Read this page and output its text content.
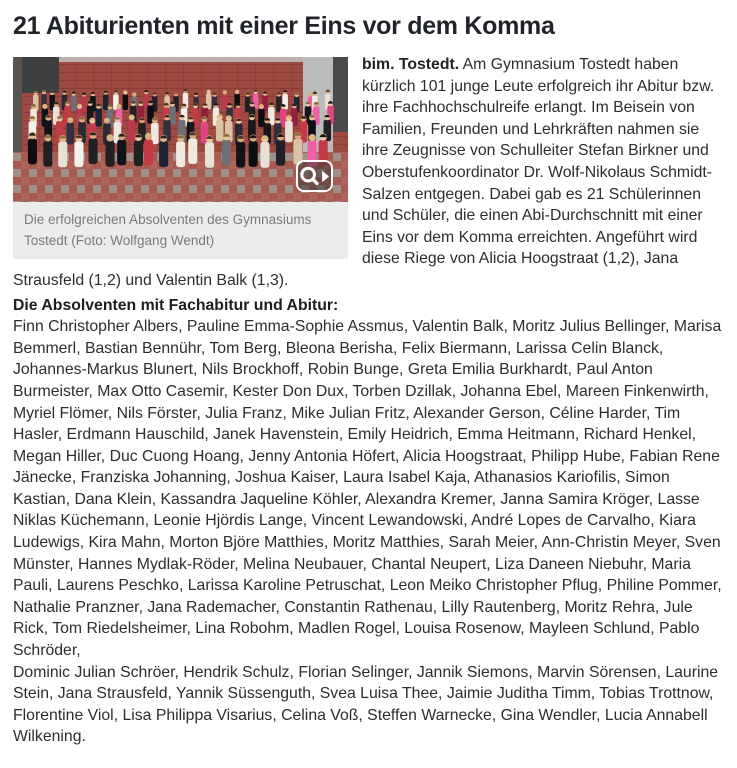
21 Abiturienten mit einer Eins vor dem Komma
Die erfolgreichen Absolventen des Gymnasiums Tostedt (Foto: Wolfgang Wendt)

bim. Tostedt. Am Gymnasium Tostedt haben kürzlich 101 junge Leute erfolgreich ihr Abitur bzw. ihre Fachhochschulreife erlangt. Im Beisein von Familien, Freunden und Lehrkräften nahmen sie ihre Zeugnisse von Schulleiter Stefan Birkner und Oberstufenkoordinator Dr. Wolf-Nikolaus Schmidt-Salzen entgegen. Dabei gab es 21 Schülerinnen und Schüler, die einen Abi-Durchschnitt mit einer Eins vor dem Komma erreichten. Angeführt wird diese Riege von Alicia Hoogstraat (1,2), Jana Strausfeld (1,2) und Valentin Balk (1,3).

Die Absolventen mit Fachabitur und Abitur:

Finn Christopher Albers, Pauline Emma-Sophie Assmus, Valentin Balk, Moritz Julius Bellinger, Marisa Bemmerl, Bastian Bennühr, Tom Berg, Bleona Berisha, Felix Biermann, Larissa Celin Blanck, Johannes-Markus Blunert, Nils Brockhoff, Robin Bunge, Greta Emilia Burkhardt, Paul Anton Burmeister, Max Otto Casemir, Kester Don Dux, Torben Dzillak, Johanna Ebel, Mareen Finkenwirth, Myriel Flömer, Nils Förster, Julia Franz, Mike Julian Fritz, Alexander Gerson, Céline Harder, Tim Hasler, Erdmann Hauschild, Janek Havenstein, Emily Heidrich, Emma Heitmann, Richard Henkel, Megan Hiller, Duc Cuong Hoang, Jenny Antonia Höfert, Alicia Hoogstraat, Philipp Hube, Fabian Rene Jänecke, Franziska Johanning, Joshua Kaiser, Laura Isabel Kaja, Athanasios Kariofilis, Simon Kastian, Dana Klein, Kassandra Jaqueline Köhler, Alexandra Kremer, Janna Samira Kröger, Lasse Niklas Küchemann, Leonie Hjördis Lange, Vincent Lewandowski, André Lopes de Carvalho, Kiara Ludewigs, Kira Mahn, Morton Björe Matthies, Moritz Matthies, Sarah Meier, Ann-Christin Meyer, Sven Münster, Hannes Mydlak-Röder, Melina Neubauer, Chantal Neupert, Liza Daneen Niebuhr, Maria Pauli, Laurens Peschko, Larissa Karoline Petruschat, Leon Meiko Christopher Pflug, Philine Pommer, Nathalie Pranzner, Jana Rademacher, Constantin Rathenau, Lilly Rautenberg, Moritz Rehra, Jule Rick, Tom Riedelsheimer, Lina Robohm, Madlen Rogel, Louisa Rosenow, Mayleen Schlund, Pablo Schröder,
Dominic Julian Schröer, Hendrik Schulz, Florian Selinger, Jannik Siemons, Marvin Sörensen, Laurine Stein, Jana Strausfeld, Yannik Süssenguth, Svea Luisa Thee, Jaimie Juditha Timm, Tobias Trottnow, Florentine Viol, Lisa Philippa Visarius, Celina Voß, Steffen Warnecke, Gina Wendler, Lucia Annabell Wilkening.
